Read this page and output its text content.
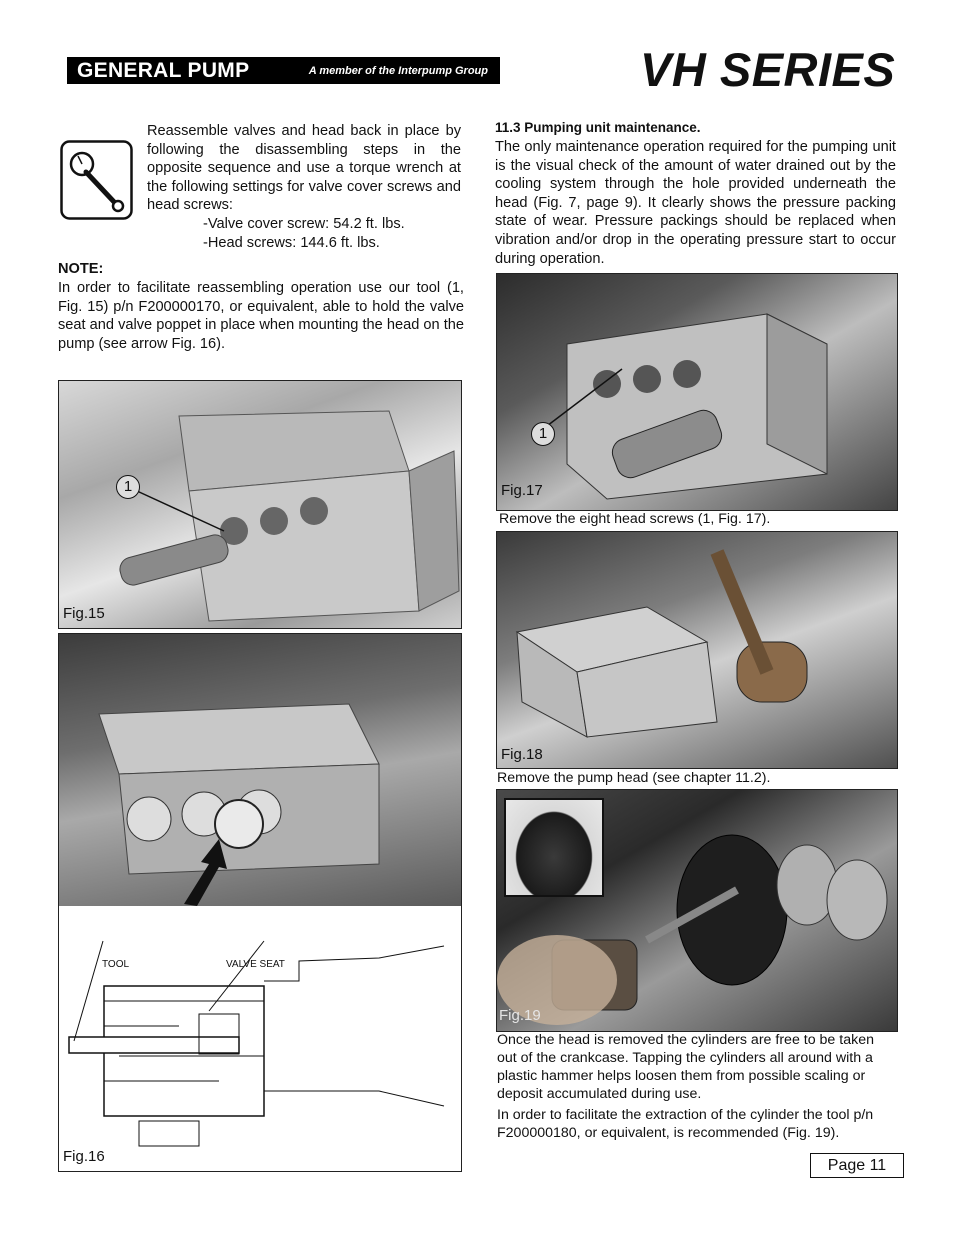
GENERAL PUMP	A member of the Interpump Group	VH SERIES

Reassemble valves and head back in place by following the disassembling steps in the opposite sequence and use a torque wrench at the following settings for valve cover screws and head screws:

-Valve cover screw: 54.2 ft. lbs.
-Head screws: 144.6 ft. lbs.
NOTE:

In order to facilitate reassembling operation use our tool (1, Fig. 15) p/n F200000170, or equivalent, able to hold the valve seat and valve poppet in place when mounting the head on the pump (see arrow Fig. 16).

1
Fig.15
TOOL	VALVE SEAT
Fig.16
11.3 Pumping unit maintenance.

The only maintenance operation required for the pumping unit is the visual check of the amount of water drained out by the cooling system through the hole provided underneath the head (Fig. 7, page 9). It clearly shows the pressure packing state of wear. Pressure packings should be replaced when vibration and/or drop in the operating pressure start to occur during operation.

1
Fig.17
Remove the eight head screws (1, Fig. 17).
Fig.18
Remove the pump head (see chapter 11.2).
Fig.19

Once the head is removed the cylinders are free to be taken out of the crankcase. Tapping the cylinders all around with a plastic hammer helps loosen them from possible scaling or deposit accumulated during use.

In order to facilitate the extraction of the cylinder the tool p/n F200000180, or equivalent, is recommended (Fig. 19).

Page 11
